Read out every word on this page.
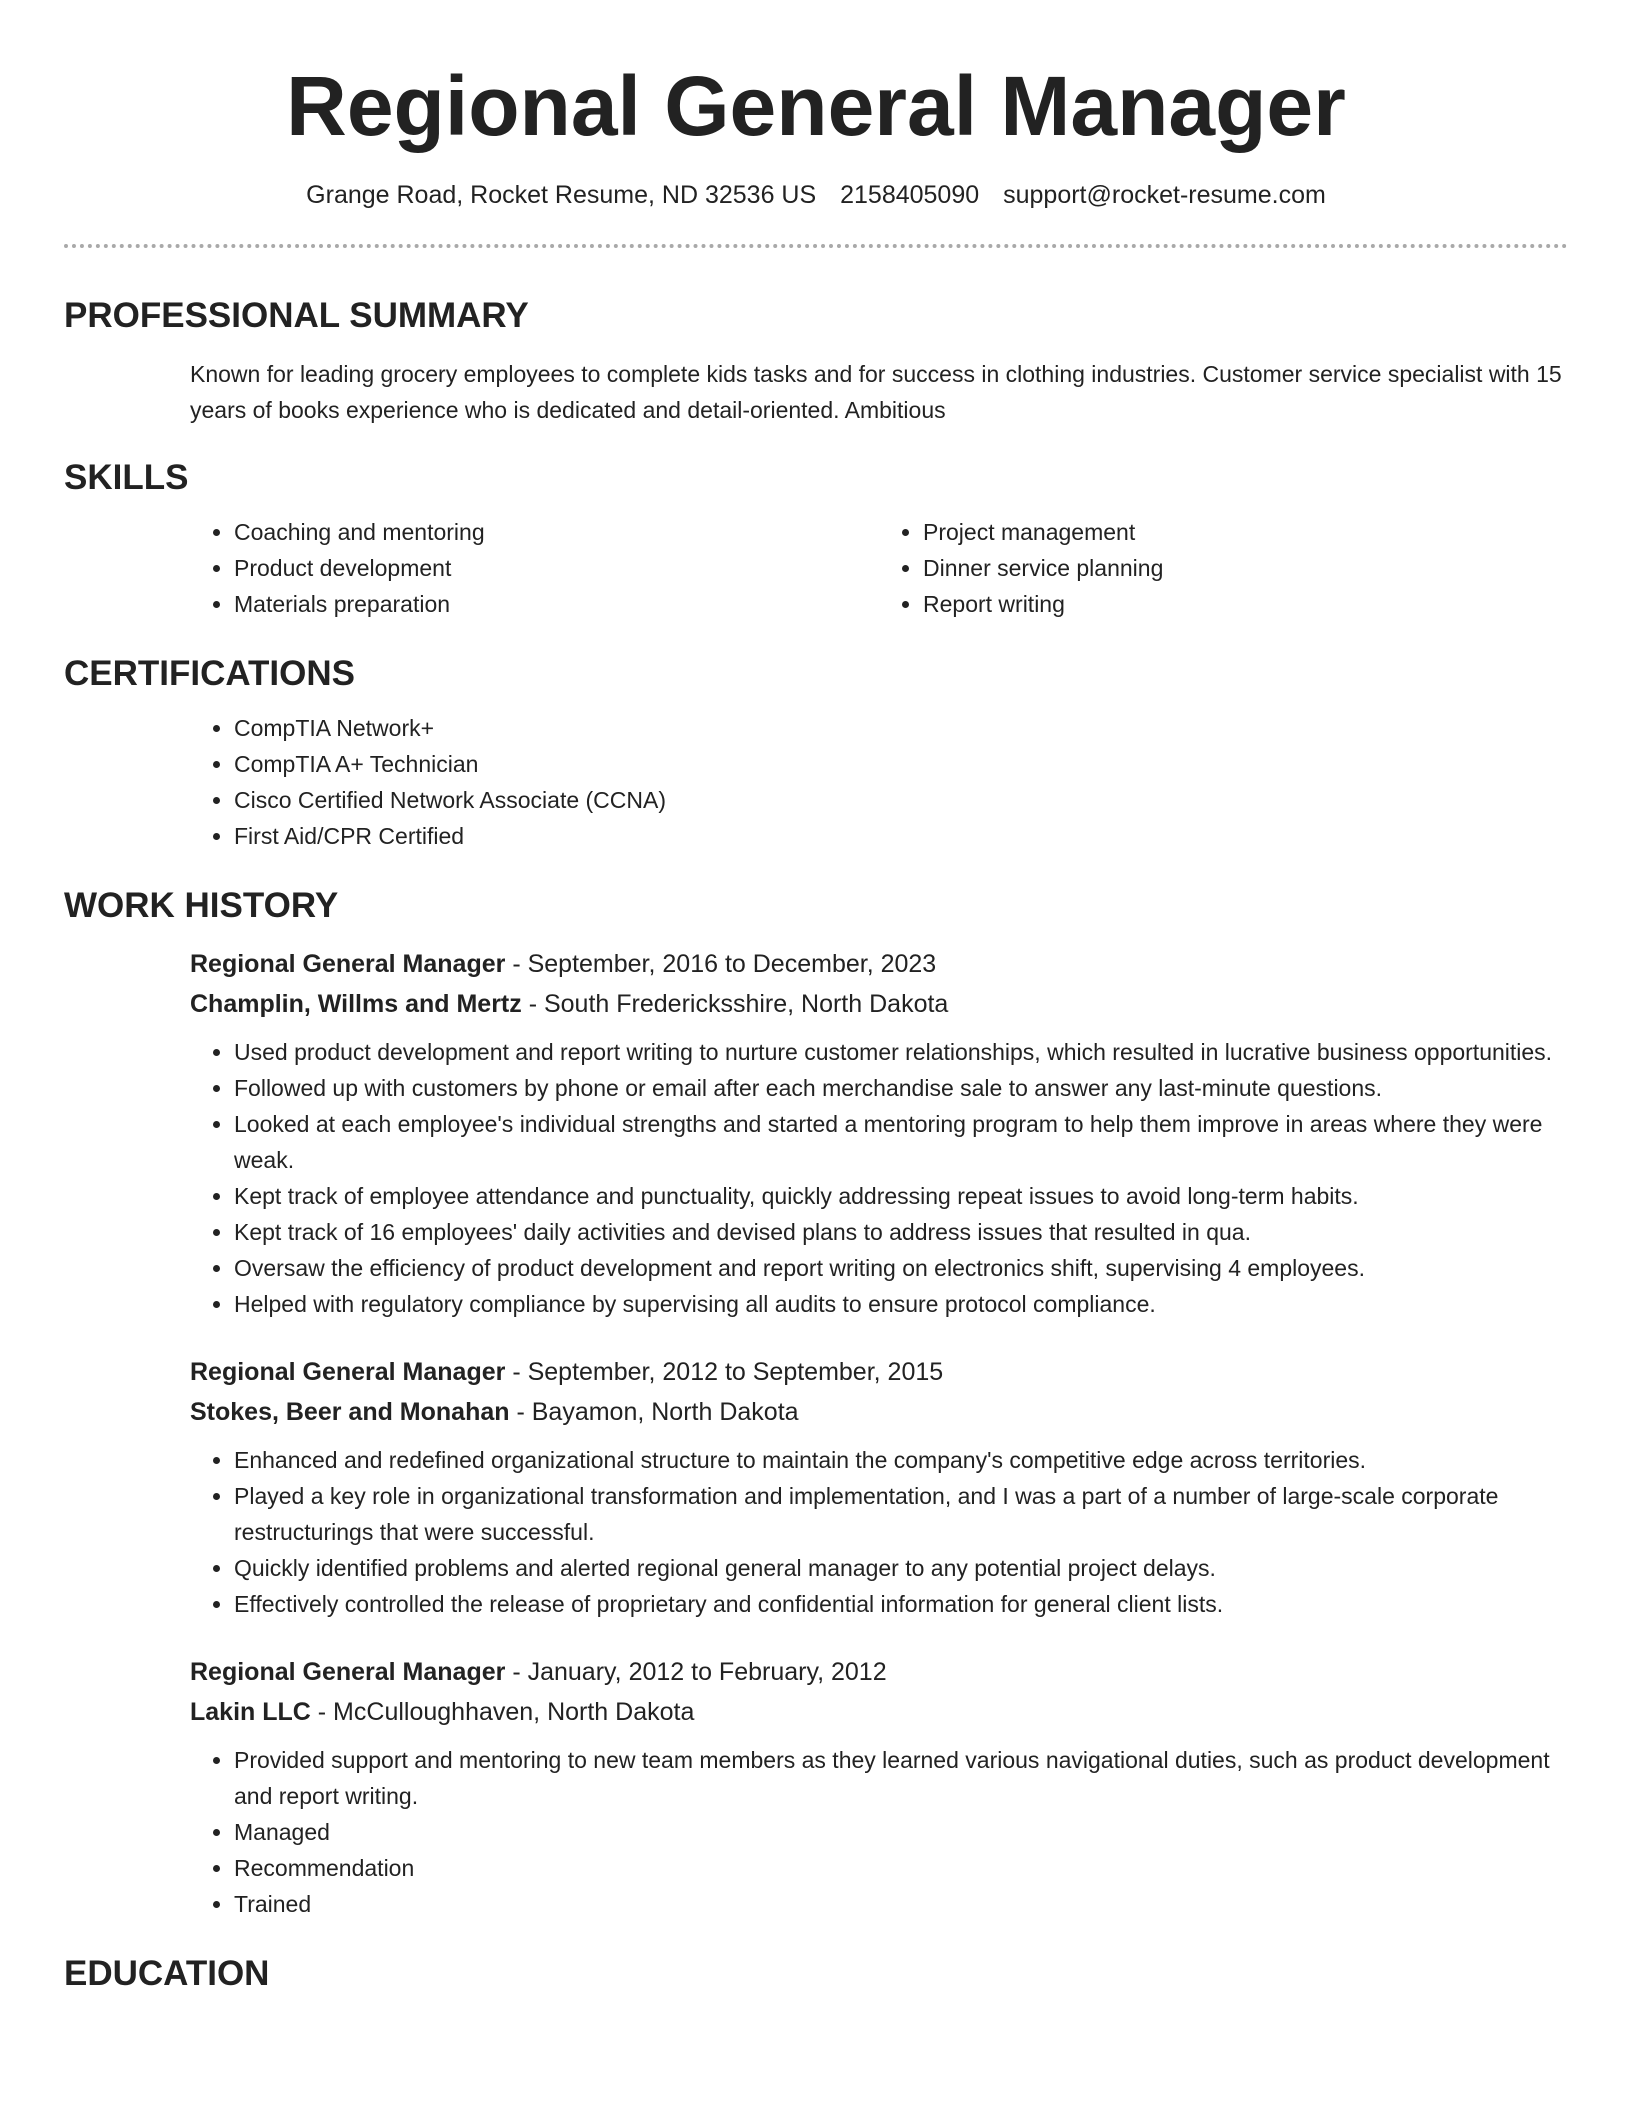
Regional General Manager
Grange Road, Rocket Resume, ND 32536 US 2158405090 support@rocket-resume.com
PROFESSIONAL SUMMARY

Known for leading grocery employees to complete kids tasks and for success in clothing industries. Customer service specialist with 15 years of books experience who is dedicated and detail-oriented. Ambitious

SKILLS
• Coaching and mentoring
• Product development
• Materials preparation
• Project management
• Dinner service planning
• Report writing
CERTIFICATIONS
• CompTIA Network+
• CompTIA A+ Technician
• Cisco Certified Network Associate (CCNA)
• First Aid/CPR Certified
WORK HISTORY
Regional General Manager - September, 2016 to December, 2023
Champlin, Willms and Mertz - South Fredericksshire, North Dakota
• Used product development and report writing to nurture customer relationships, which resulted in lucrative business opportunities.
• Followed up with customers by phone or email after each merchandise sale to answer any last-minute questions.
• Looked at each employee's individual strengths and started a mentoring program to help them improve in areas where they were weak.
• Kept track of employee attendance and punctuality, quickly addressing repeat issues to avoid long-term habits.
• Kept track of 16 employees' daily activities and devised plans to address issues that resulted in qua.
• Oversaw the efficiency of product development and report writing on electronics shift, supervising 4 employees.
• Helped with regulatory compliance by supervising all audits to ensure protocol compliance.
Regional General Manager - September, 2012 to September, 2015
Stokes, Beer and Monahan - Bayamon, North Dakota
• Enhanced and redefined organizational structure to maintain the company's competitive edge across territories.
• Played a key role in organizational transformation and implementation, and I was a part of a number of large-scale corporate restructurings that were successful.
• Quickly identified problems and alerted regional general manager to any potential project delays.
• Effectively controlled the release of proprietary and confidential information for general client lists.
Regional General Manager - January, 2012 to February, 2012
Lakin LLC - McCulloughhaven, North Dakota
• Provided support and mentoring to new team members as they learned various navigational duties, such as product development and report writing.
• Managed
• Recommendation
• Trained
EDUCATION
